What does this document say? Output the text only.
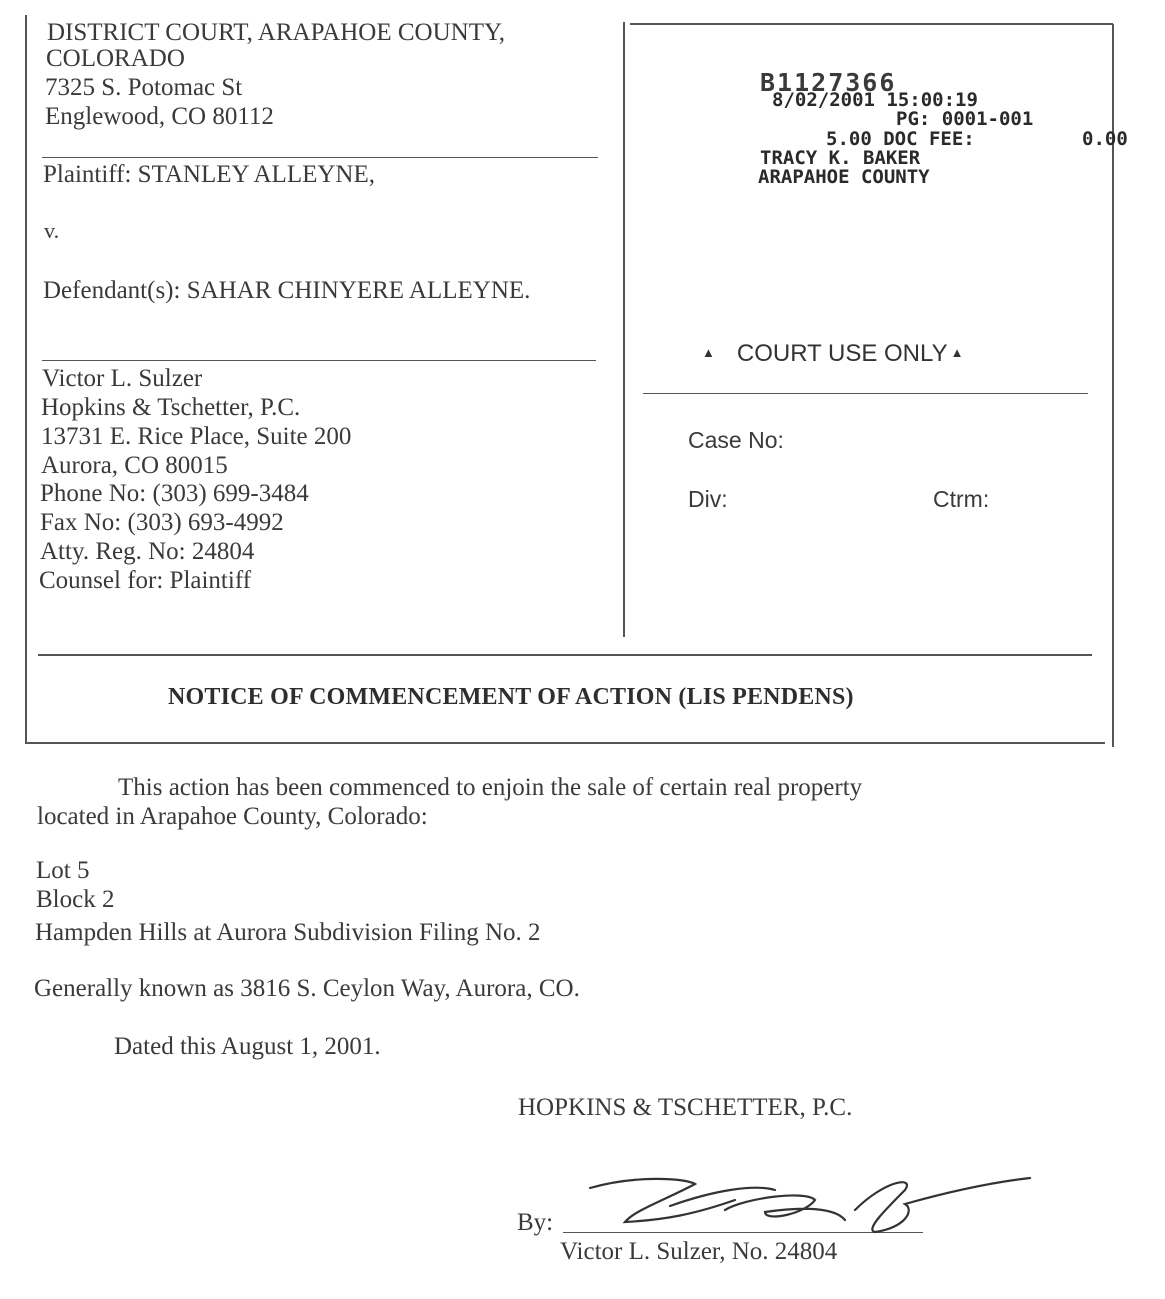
DISTRICT COURT, ARAPAHOE COUNTY,
COLORADO
7325 S. Potomac St
Englewood, CO 80112
Plaintiff: STANLEY ALLEYNE,
v.
Defendant(s): SAHAR CHINYERE ALLEYNE.
Victor L. Sulzer
Hopkins & Tschetter, P.C.
13731 E. Rice Place, Suite 200
Aurora, CO 80015
Phone No: (303) 699-3484
Fax No: (303) 693-4992
Atty. Reg. No: 24804
Counsel for: Plaintiff
B1127366
8/02/2001 15:00:19
PG: 0001-001
5.00 DOC FEE:	0.00
TRACY K. BAKER
ARAPAHOE COUNTY
▲ COURT USE ONLY ▲
Case No:
Div:	Ctrm:
NOTICE OF COMMENCEMENT OF ACTION (LIS PENDENS)
This action has been commenced to enjoin the sale of certain real property
located in Arapahoe County, Colorado:
Lot 5
Block 2
Hampden Hills at Aurora Subdivision Filing No. 2
Generally known as 3816 S. Ceylon Way, Aurora, CO.
Dated this August 1, 2001.
HOPKINS & TSCHETTER, P.C.
By:
Victor L. Sulzer, No. 24804
